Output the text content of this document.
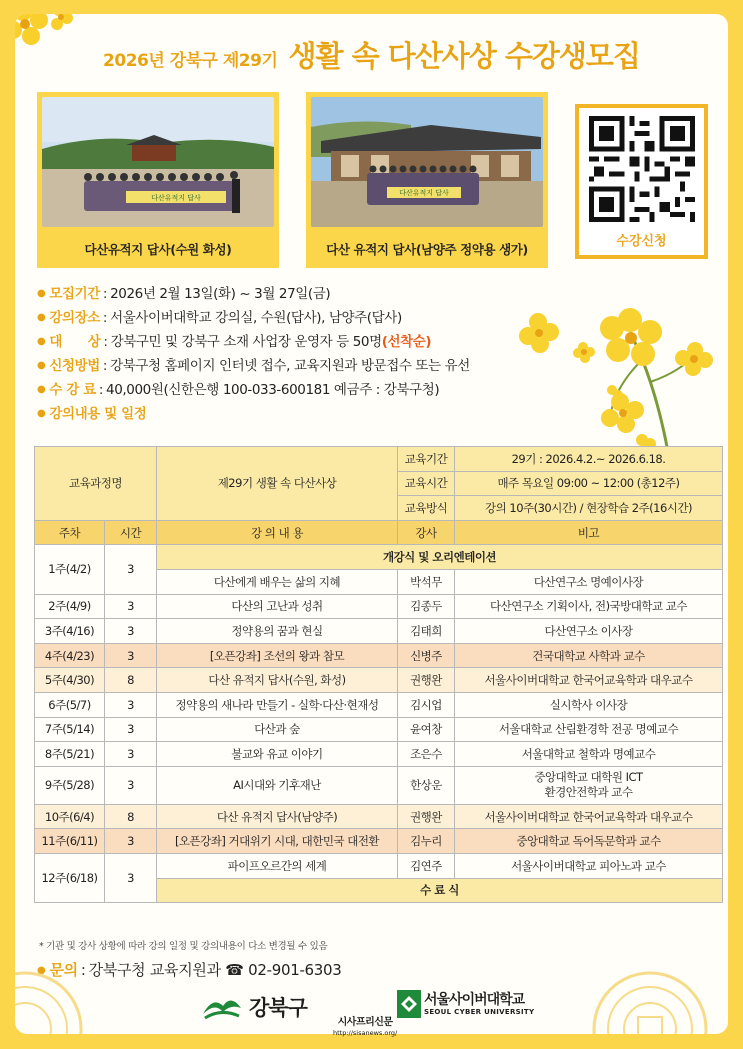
2026년 강북구 제29기 생활 속 다산사상 수강생모집
다산유적지 답사
다산유적지 답사(수원 화성)
다산유적지 답사
다산 유적지 답사(남양주 정약용 생가)
수강신청
● 모집기간 : 2026년 2월 13일(화) ~ 3월 27일(금)
● 강의장소 : 서울사이버대학교 강의실, 수원(답사), 남양주(답사)
● 대      상 : 강북구민 및 강북구 소재 사업장 운영자 등 50명(선착순)
● 신청방법 : 강북구청 홈페이지 인터넷 접수, 교육지원과 방문접수 또는 유선
● 수 강 료 : 40,000원(신한은행 100-033-600181 예금주 : 강북구청)
● 강의내용 및 일정
교육과정명		제29기 생활 속 다산사상	교육기간	29기 : 2026.4.2.~ 2026.6.18.
			교육시간	매주 목요일 09:00 ~ 12:00 (총12주)
			교육방식	강의 10주(30시간) / 현장학습 2주(16시간)
주차	시간	강 의 내 용	강사	비고
1주(4/2)	3	개강식 및 오리엔테이션		
		다산에게 배우는 삶의 지혜	박석무	다산연구소 명예이사장
2주(4/9)	3	다산의 고난과 성취	김종두	다산연구소 기획이사, 전)국방대학교 교수
3주(4/16)	3	정약용의 꿈과 현실	김태희	다산연구소 이사장
4주(4/23)	3	[오픈강좌] 조선의 왕과 참모	신병주	건국대학교 사학과 교수
5주(4/30)	8	다산 유적지 답사(수원, 화성)	권행완	서울사이버대학교 한국어교육학과 대우교수
6주(5/7)	3	정약용의 새나라 만들기 - 실학·다산·현재성	김시업	실시학사 이사장
7주(5/14)	3	다산과 숲	윤여창	서울대학교 산림환경학 전공 명예교수
8주(5/21)	3	불교와 유교 이야기	조은수	서울대학교 철학과 명예교수
9주(5/28)	3	AI시대와 기후재난	한상운	중앙대학교 대학원 ICT
환경안전학과 교수

10주(6/4)	8	다산 유적지 답사(남양주)	권행완	서울사이버대학교 한국어교육학과 대우교수
11주(6/11)	3	[오픈강좌] 거대위기 시대, 대한민국 대전환	김누리	중앙대학교 독어독문학과 교수
12주(6/18)	3	파이프오르간의 세계	김연주	서울사이버대학교 피아노과 교수
		수 료 식		
* 기관 및 강사 상황에 따라 강의 일정 및 강의내용이 다소 변경될 수 있음
● 문의 : 강북구청 교육지원과 ☎ 02-901-6303
강북구	서울사이버대학교
SEOUL CYBER UNIVERSITY
시사프리신문
http://sisanews.org/
